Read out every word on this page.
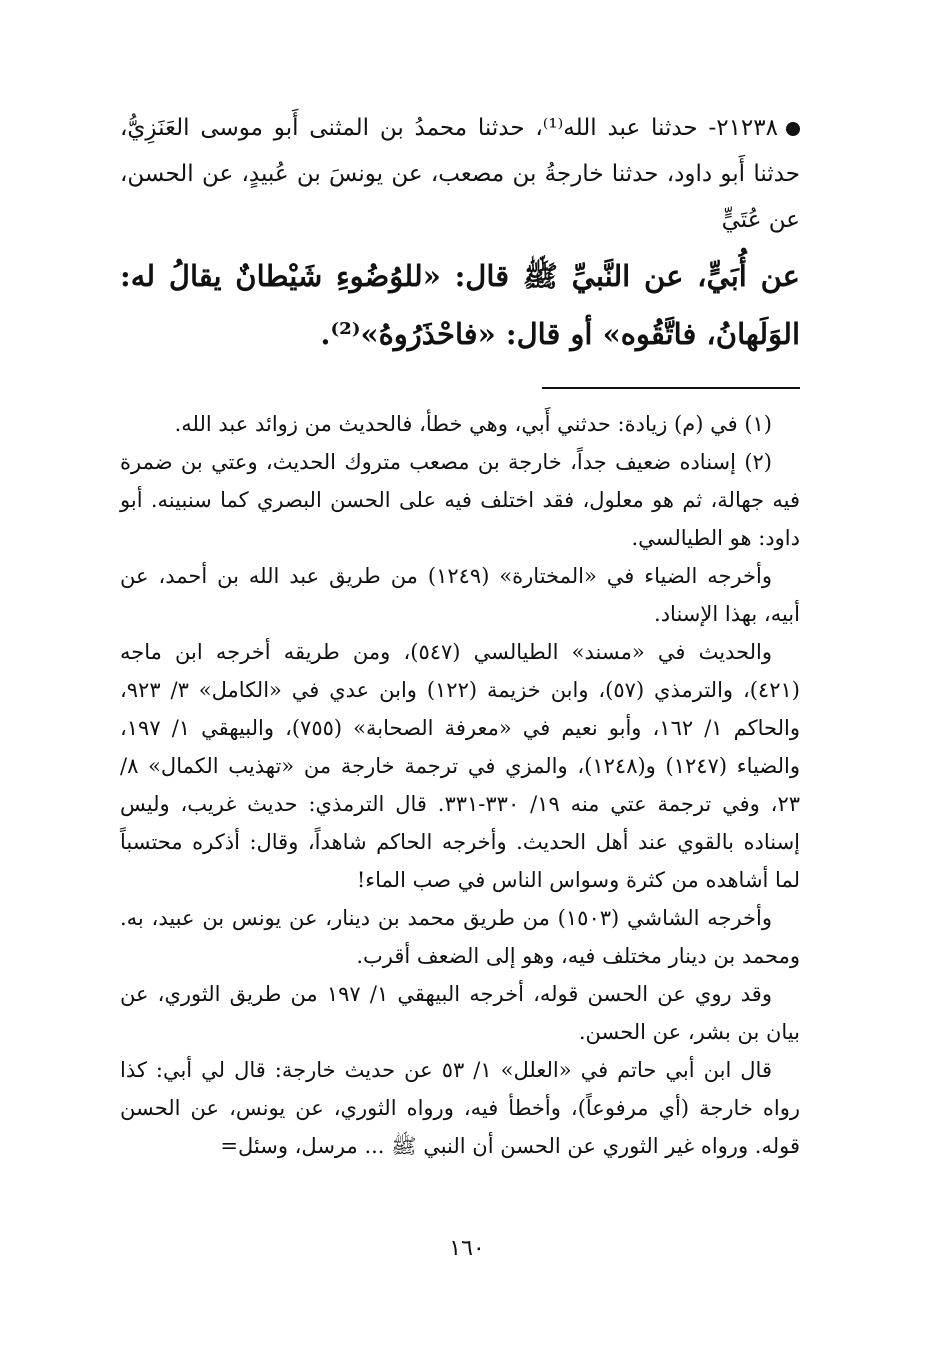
٢١٢٣٨- حدثنا عبد الله⁽¹⁾، حدثنا محمدُ بن المثنى أَبو موسى العَنَزِيُّ، حدثنا أَبو داود، حدثنا خارجةُ بن مصعب، عن يونسَ بن عُبيدٍ، عن الحسن، عن عُتَيٍّ

عن أُبَيٍّ، عن النَّبيِّ ﷺ قال: «للوُضُوءِ شَيْطانٌ يقالُ له: الوَلَهانُ، فاتَّقُوه» أو قال: «فاحْذَرُوهُ»⁽²⁾.

(١) في (م) زيادة: حدثني أَبي، وهي خطأ، فالحديث من زوائد عبد الله.

(٢) إسناده ضعيف جداً، خارجة بن مصعب متروك الحديث، وعتي بن ضمرة فيه جهالة، ثم هو معلول، فقد اختلف فيه على الحسن البصري كما سنبينه. أبو داود: هو الطيالسي.

وأخرجه الضياء في «المختارة» (١٢٤٩) من طريق عبد الله بن أحمد، عن أبيه، بهذا الإسناد.

والحديث في «مسند» الطيالسي (٥٤٧)، ومن طريقه أخرجه ابن ماجه (٤٢١)، والترمذي (٥٧)، وابن خزيمة (١٢٢) وابن عدي في «الكامل» ٣/ ٩٢٣، والحاكم ١/ ١٦٢، وأبو نعيم في «معرفة الصحابة» (٧٥٥)، والبيهقي ١/ ١٩٧، والضياء (١٢٤٧) و(١٢٤٨)، والمزي في ترجمة خارجة من «تهذيب الكمال» ٨/ ٢٣، وفي ترجمة عتي منه ١٩/ ٣٣٠-٣٣١. قال الترمذي: حديث غريب، وليس إسناده بالقوي عند أهل الحديث. وأخرجه الحاكم شاهداً، وقال: أذكره محتسباً لما أشاهده من كثرة وسواس الناس في صب الماء!

وأخرجه الشاشي (١٥٠٣) من طريق محمد بن دينار، عن يونس بن عبيد، به. ومحمد بن دينار مختلف فيه، وهو إلى الضعف أقرب.

وقد روي عن الحسن قوله، أخرجه البيهقي ١/ ١٩٧ من طريق الثوري، عن بيان بن بشر، عن الحسن.

قال ابن أبي حاتم في «العلل» ١/ ٥٣ عن حديث خارجة: قال لي أبي: كذا رواه خارجة (أي مرفوعاً)، وأخطأ فيه، ورواه الثوري، عن يونس، عن الحسن قوله. ورواه غير الثوري عن الحسن أن النبي ﷺ ... مرسل، وسئل=

١٦٠
